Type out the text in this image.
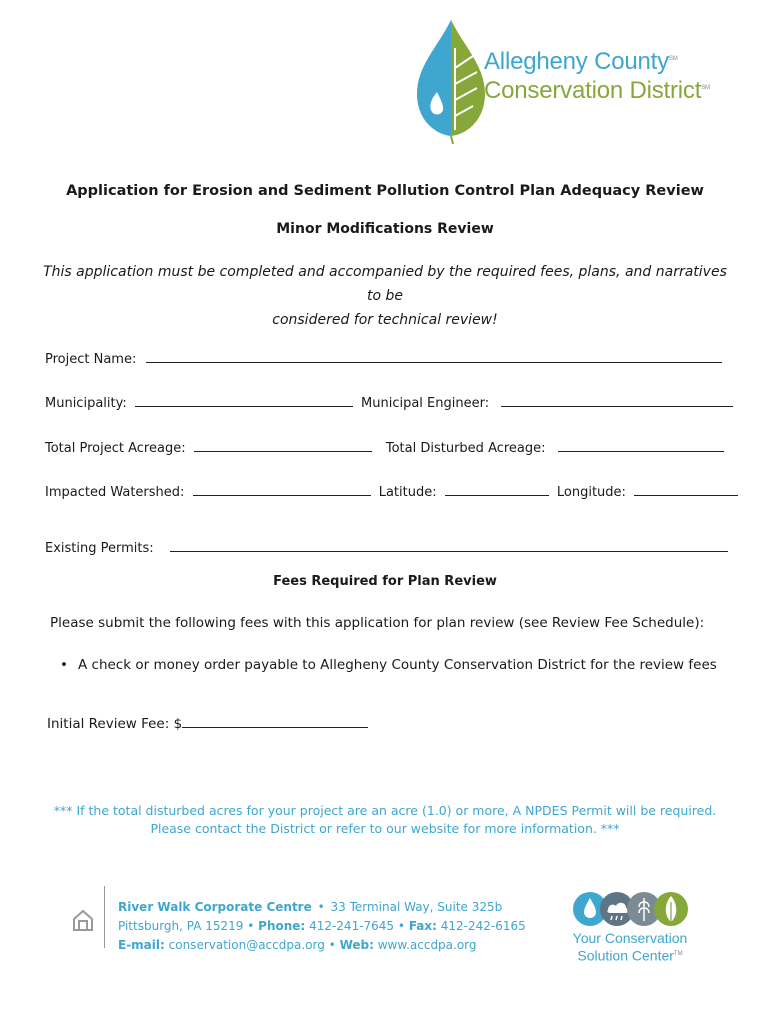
Allegheny County℠
Conservation District℠
Application for Erosion and Sediment Pollution Control Plan Adequacy Review
Minor Modifications Review
This application must be completed and accompanied by the required fees, plans, and narratives to be
considered for technical review!
Project Name:
Municipality:	Municipal Engineer:
Total Project Acreage:	Total Disturbed Acreage:
Impacted Watershed:	Latitude:	Longitude:
Existing Permits:
Fees Required for Plan Review
Please submit the following fees with this application for plan review (see Review Fee Schedule):
• A check or money order payable to Allegheny County Conservation District for the review fees
Initial Review Fee: $
*** If the total disturbed acres for your project are an acre (1.0) or more, A NPDES Permit will be required.
Please contact the District or refer to our website for more information. ***
River Walk Corporate Centre • 33 Terminal Way, Suite 325b
Pittsburgh, PA 15219 • Phone: 412-241-7645 • Fax: 412-242-6165
E-mail: conservation@accdpa.org • Web: www.accdpa.org	Your Conservation
Solution Center™
